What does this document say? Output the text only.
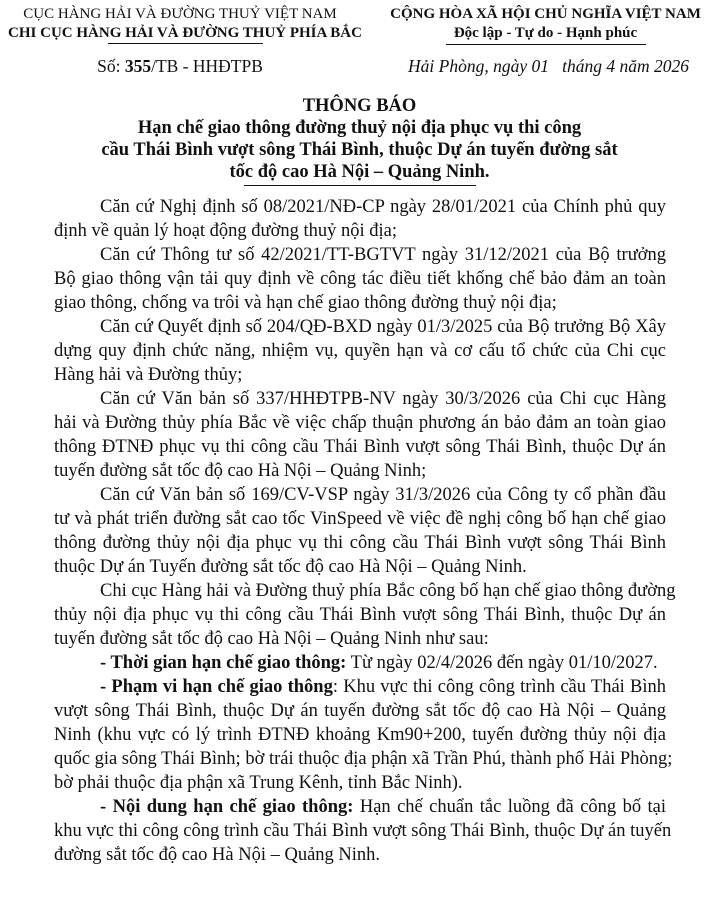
CỤC HÀNG HẢI VÀ ĐƯỜNG THUỶ VIỆT NAM
CHI CỤC HÀNG HẢI VÀ ĐƯỜNG THUỶ PHÍA BẮC
Số: 355/TB - HHĐTPB
CỘNG HÒA XÃ HỘI CHỦ NGHĨA VIỆT NAM
Độc lập - Tự do - Hạnh phúc
Hải Phòng, ngày 01   tháng 4 năm 2026
THÔNG BÁO
Hạn chế giao thông đường thuỷ nội địa phục vụ thi công
cầu Thái Bình vượt sông Thái Bình, thuộc Dự án tuyến đường sắt
tốc độ cao Hà Nội – Quảng Ninh.
Căn cứ Nghị định số 08/2021/NĐ-CP ngày 28/01/2021 của Chính phủ quy
định về quản lý hoạt động đường thuỷ nội địa;
Căn cứ Thông tư số 42/2021/TT-BGTVT ngày 31/12/2021 của Bộ trưởng
Bộ giao thông vận tải quy định về công tác điều tiết khống chế bảo đảm an toàn
giao thông, chống va trôi và hạn chế giao thông đường thuỷ nội địa;
Căn cứ Quyết định số 204/QĐ-BXD ngày 01/3/2025 của Bộ trưởng Bộ Xây
dựng quy định chức năng, nhiệm vụ, quyền hạn và cơ cấu tổ chức của Chi cục
Hàng hải và Đường thủy;
Căn cứ Văn bản số 337/HHĐTPB-NV ngày 30/3/2026 của Chi cục Hàng
hải và Đường thủy phía Bắc về việc chấp thuận phương án bảo đảm an toàn giao
thông ĐTNĐ phục vụ thi công cầu Thái Bình vượt sông Thái Bình, thuộc Dự án
tuyến đường sắt tốc độ cao Hà Nội – Quảng Ninh;
Căn cứ Văn bản số 169/CV-VSP ngày 31/3/2026 của Công ty cổ phần đầu
tư và phát triển đường sắt cao tốc VinSpeed về việc đề nghị công bố hạn chế giao
thông đường thủy nội địa phục vụ thi công cầu Thái Bình vượt sông Thái Bình
thuộc Dự án Tuyến đường sắt tốc độ cao Hà Nội – Quảng Ninh.
Chi cục Hàng hải và Đường thuỷ phía Bắc công bố hạn chế giao thông đường
thủy nội địa phục vụ thi công cầu Thái Bình vượt sông Thái Bình, thuộc Dự án
tuyến đường sắt tốc độ cao Hà Nội – Quảng Ninh như sau:
- Thời gian hạn chế giao thông: Từ ngày 02/4/2026 đến ngày 01/10/2027.
- Phạm vi hạn chế giao thông: Khu vực thi công công trình cầu Thái Bình
vượt sông Thái Bình, thuộc Dự án tuyến đường sắt tốc độ cao Hà Nội – Quảng
Ninh (khu vực có lý trình ĐTNĐ khoảng Km90+200, tuyến đường thủy nội địa
quốc gia sông Thái Bình; bờ trái thuộc địa phận xã Trần Phú, thành phố Hải Phòng;
bờ phải thuộc địa phận xã Trung Kênh, tỉnh Bắc Ninh).
- Nội dung hạn chế giao thông: Hạn chế chuẩn tắc luồng đã công bố tại
khu vực thi công công trình cầu Thái Bình vượt sông Thái Bình, thuộc Dự án tuyến
đường sắt tốc độ cao Hà Nội – Quảng Ninh.
